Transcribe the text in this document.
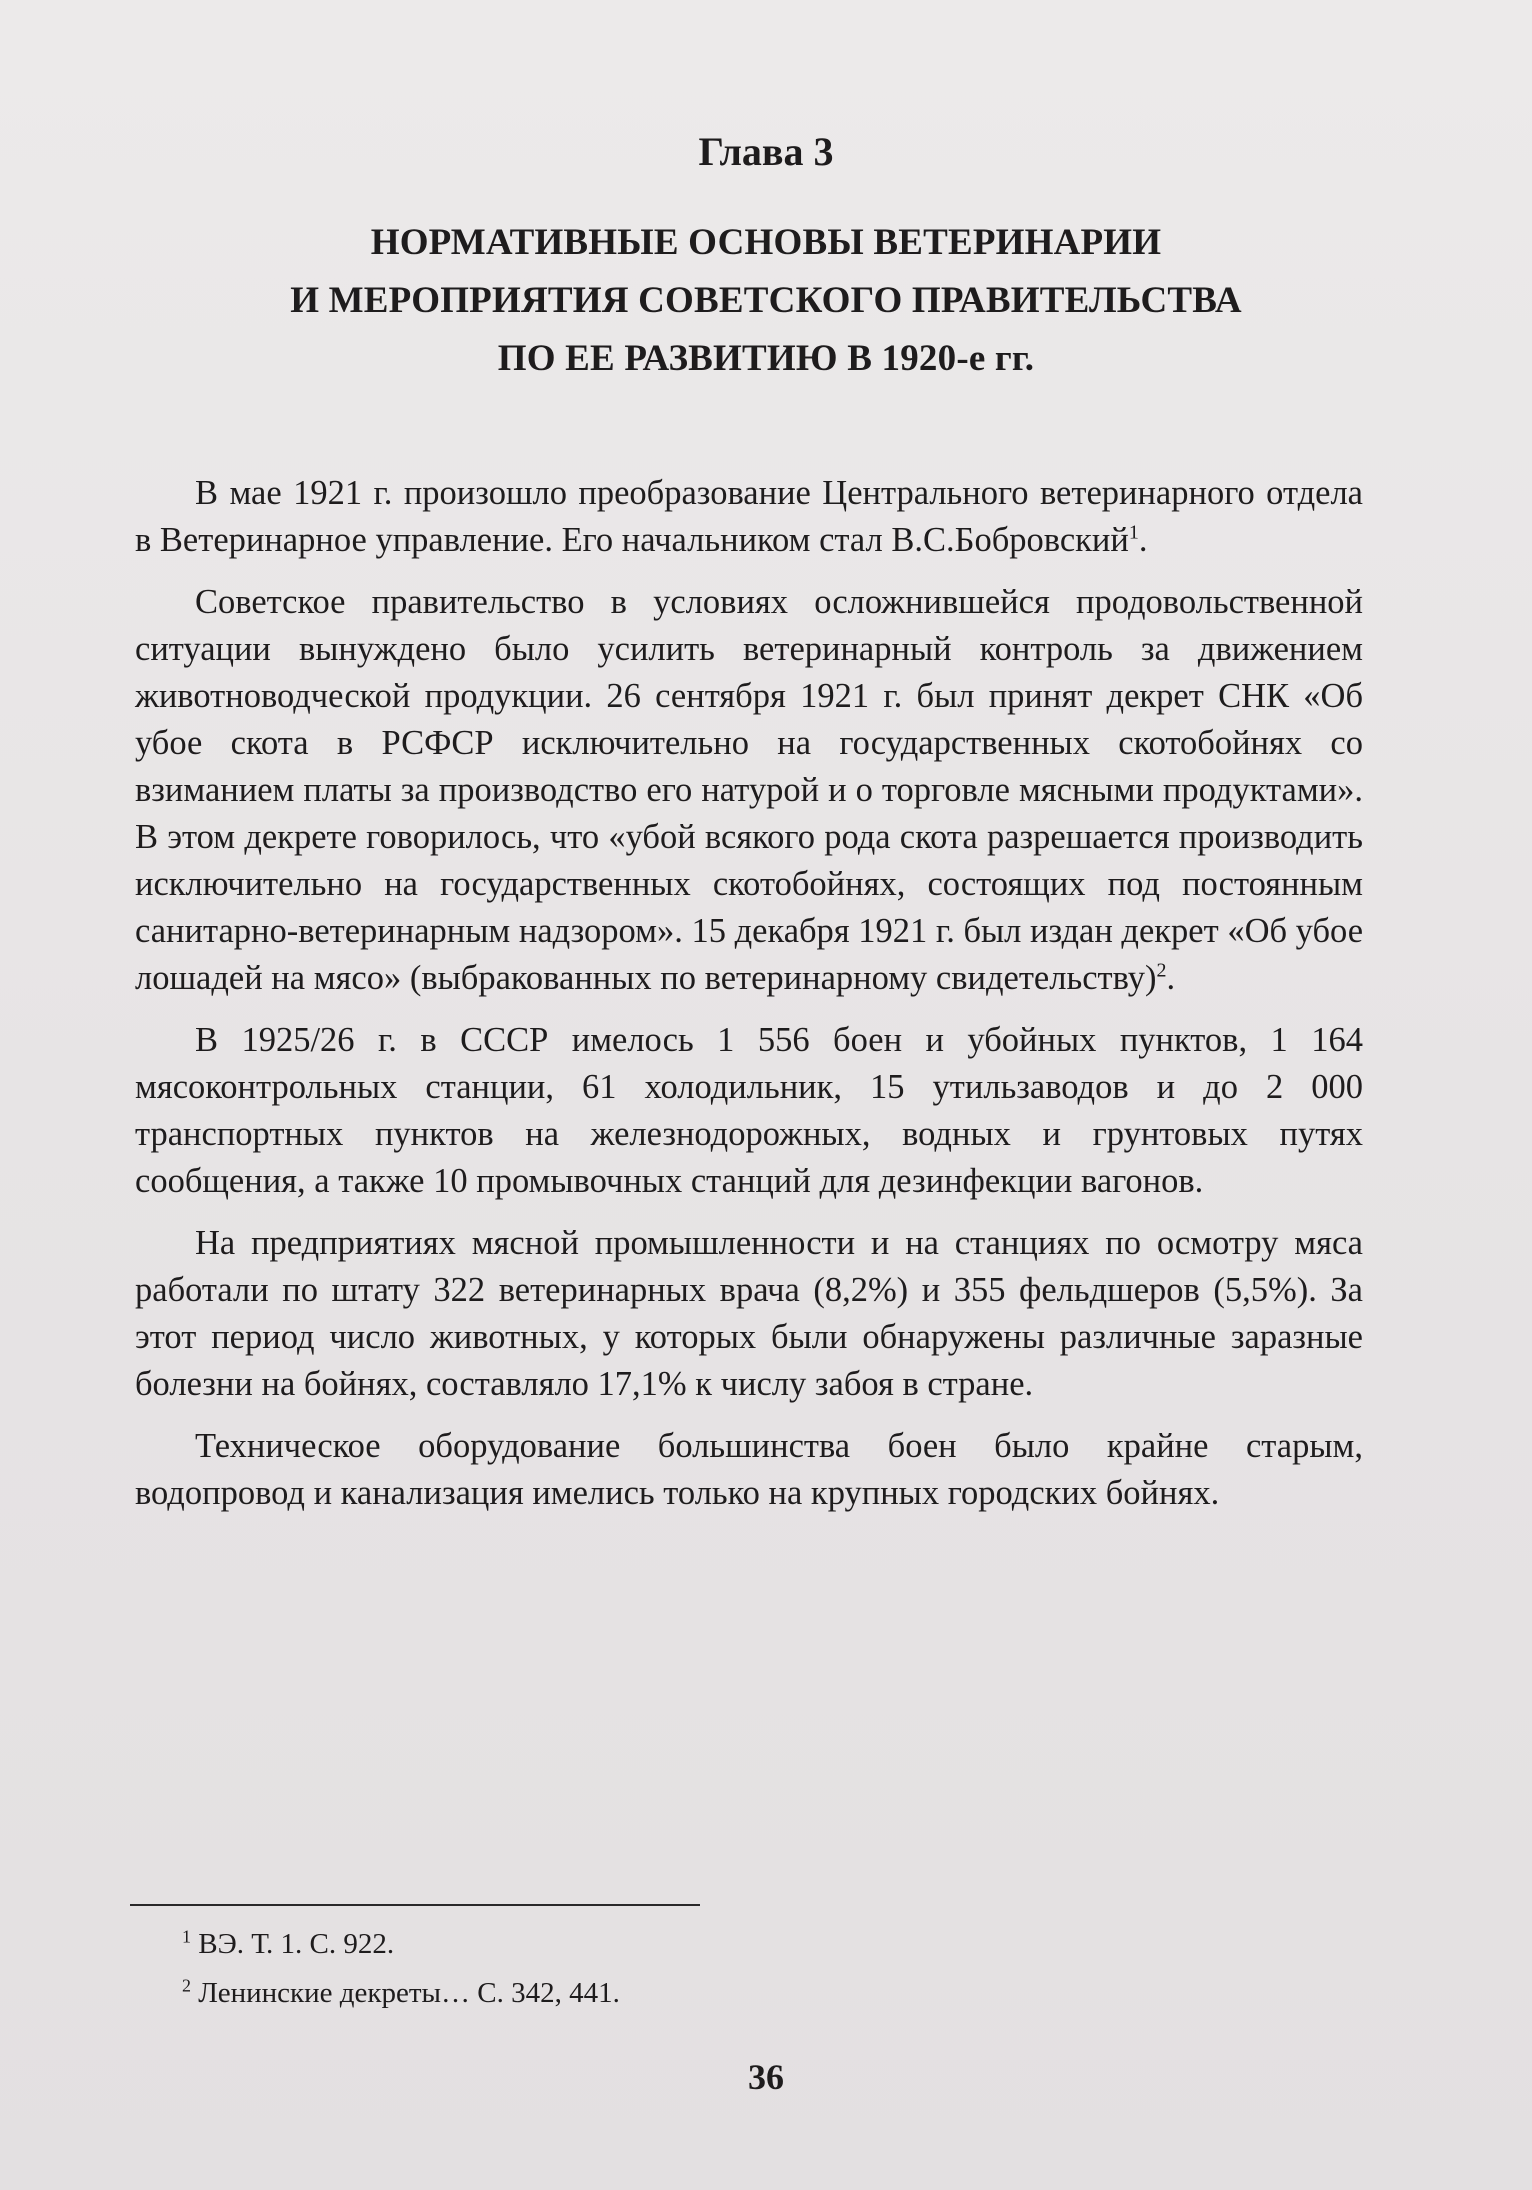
Глава 3
НОРМАТИВНЫЕ ОСНОВЫ ВЕТЕРИНАРИИ
И МЕРОПРИЯТИЯ СОВЕТСКОГО ПРАВИТЕЛЬСТВА
ПО ЕЕ РАЗВИТИЮ В 1920-е гг.

В мае 1921 г. произошло преобразование Центрального ветеринарного отдела в Ветеринарное управление. Его начальником стал В.С.Бобровский$^1$.

Советское правительство в условиях осложнившейся продовольственной ситуации вынуждено было усилить ветеринарный контроль за движением животноводческой продукции. 26 сентября 1921 г. был принят декрет СНК «Об убое скота в РСФСР исключительно на государственных скотобойнях со взиманием платы за производство его натурой и о торговле мясными продуктами». В этом декрете говорилось, что «убой всякого рода скота разрешается производить исключительно на государственных скотобойнях, состоящих под постоянным санитарно-ветеринарным надзором». 15 декабря 1921 г. был издан декрет «Об убое лошадей на мясо» (выбракованных по ветеринарному свидетельству)$^2$.

В 1925/26 г. в СССР имелось 1 556 боен и убойных пунктов, 1 164 мясоконтрольных станции, 61 холодильник, 15 утильзаводов и до 2 000 транспортных пунктов на железнодорожных, водных и грунтовых путях сообщения, а также 10 промывочных станций для дезинфекции вагонов.

На предприятиях мясной промышленности и на станциях по осмотру мяса работали по штату 322 ветеринарных врача (8,2%) и 355 фельдшеров (5,5%). За этот период число животных, у которых были обнаружены различные заразные болезни на бойнях, составляло 17,1% к числу забоя в стране.

Техническое оборудование большинства боен было крайне старым, водопровод и канализация имелись только на крупных городских бойнях.

$^1$ ВЭ. Т. 1. С. 922.
$^2$ Ленинские декреты… С. 342, 441.
36
